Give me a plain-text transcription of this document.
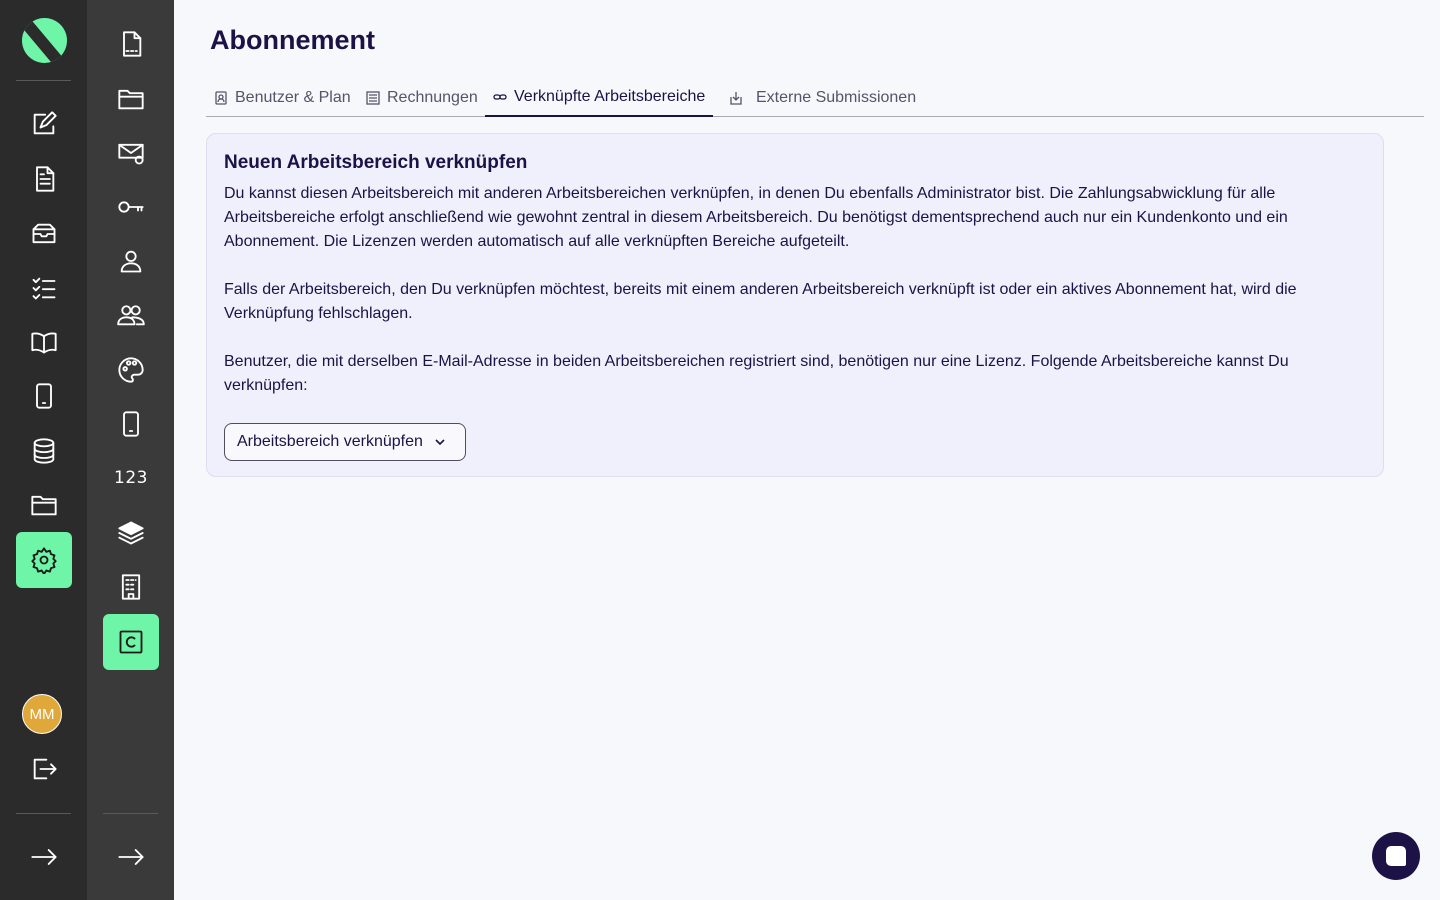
MM
123
Abonnement
Benutzer & Plan Rechnungen Verknüpfte Arbeitsbereiche	Externe Submissionen
Neuen Arbeitsbereich verknüpfen

Du kannst diesen Arbeitsbereich mit anderen Arbeitsbereichen verknüpfen, in denen Du ebenfalls Administrator bist. Die Zahlungsabwicklung für alle Arbeitsbereiche erfolgt anschließend wie gewohnt zentral in diesem Arbeitsbereich. Du benötigst dementsprechend auch nur ein Kundenkonto und ein Abonnement. Die Lizenzen werden automatisch auf alle verknüpften Bereiche aufgeteilt.

Falls der Arbeitsbereich, den Du verknüpfen möchtest, bereits mit einem anderen Arbeitsbereich verknüpft ist oder ein aktives Abonnement hat, wird die Verknüpfung fehlschlagen.

Benutzer, die mit derselben E-Mail-Adresse in beiden Arbeitsbereichen registriert sind, benötigen nur eine Lizenz. Folgende Arbeitsbereiche kannst Du verknüpfen:

Arbeitsbereich verknüpfen
